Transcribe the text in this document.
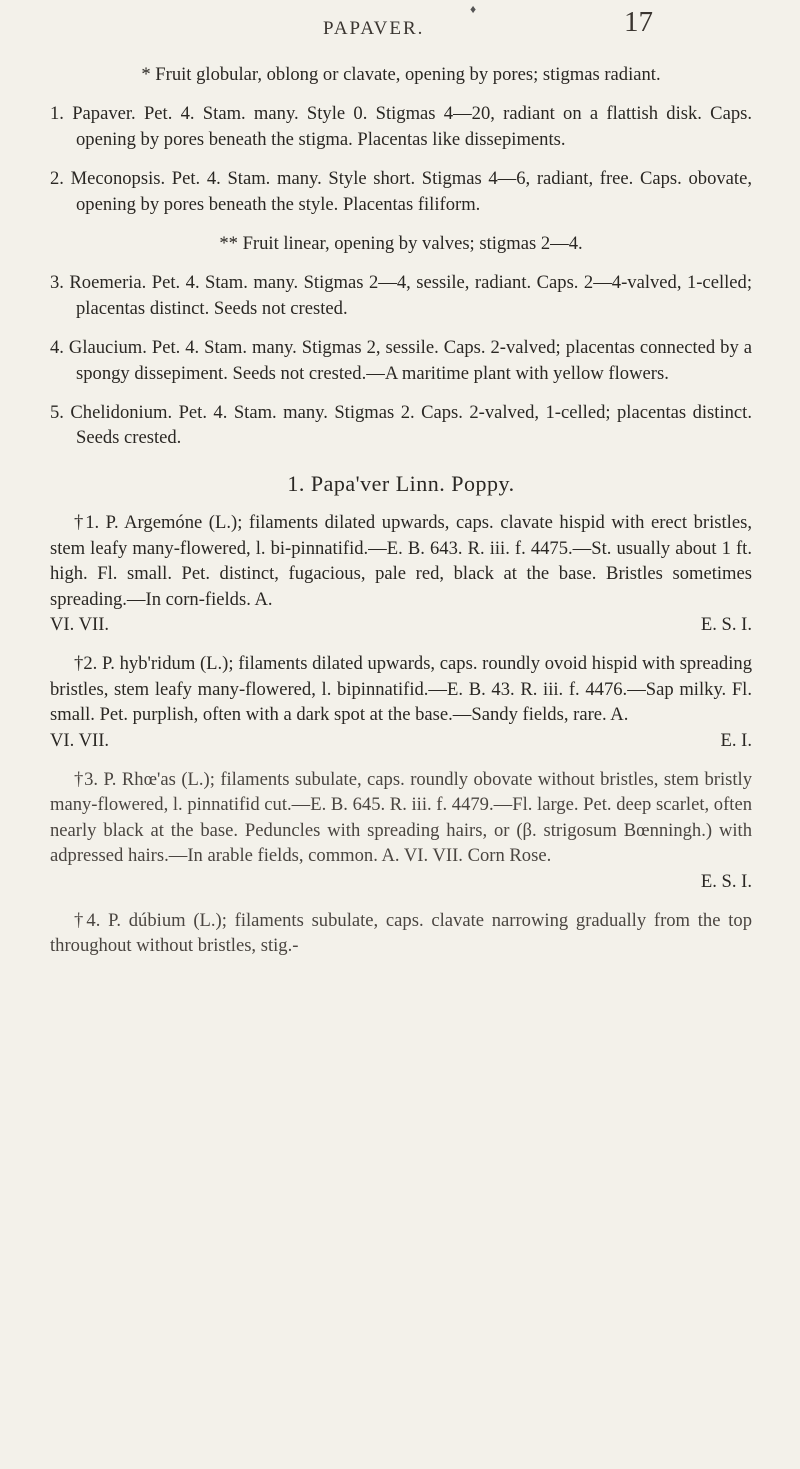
♦
PAPAVER.	17

* Fruit globular, oblong or clavate, opening by pores; stigmas radiant.

1. Papaver. Pet. 4. Stam. many. Style 0. Stigmas 4—20, radiant on a flattish disk. Caps. opening by pores beneath the stigma. Placentas like dissepiments.

2. Meconopsis. Pet. 4. Stam. many. Style short. Stigmas 4—6, radiant, free. Caps. obovate, opening by pores beneath the style. Placentas filiform.

** Fruit linear, opening by valves; stigmas 2—4.

3. Roemeria. Pet. 4. Stam. many. Stigmas 2—4, sessile, radiant. Caps. 2—4-valved, 1-celled; placentas distinct. Seeds not crested.

4. Glaucium. Pet. 4. Stam. many. Stigmas 2, sessile. Caps. 2-valved; placentas connected by a spongy dissepiment. Seeds not crested.—A maritime plant with yellow flowers.

5. Chelidonium. Pet. 4. Stam. many. Stigmas 2. Caps. 2-valved, 1-celled; placentas distinct. Seeds crested.

1. Papa'ver Linn. Poppy.

†1. P. Argemóne (L.); filaments dilated upwards, caps. clavate hispid with erect bristles, stem leafy many-flowered, l. bi-pinnatifid.—E. B. 643. R. iii. f. 4475.—St. usually about 1 ft. high. Fl. small. Pet. distinct, fugacious, pale red, black at the base. Bristles sometimes spreading.—In corn-fields. A.

VI. VII.	E. S. I.

†2. P. hyb'ridum (L.); filaments dilated upwards, caps. roundly ovoid hispid with spreading bristles, stem leafy many-flowered, l. bipinnatifid.—E. B. 43. R. iii. f. 4476.—Sap milky. Fl. small. Pet. purplish, often with a dark spot at the base.—Sandy fields, rare. A.

VI. VII.	E. I.

†3. P. Rhœ'as (L.); filaments subulate, caps. roundly obovate without bristles, stem bristly many-flowered, l. pinnatifid cut.—E. B. 645. R. iii. f. 4479.—Fl. large. Pet. deep scarlet, often nearly black at the base. Peduncles with spreading hairs, or (β. strigosum Bœnningh.) with adpressed hairs.—In arable fields, common. A. VI. VII. Corn Rose.

E. S. I.

†4. P. dúbium (L.); filaments subulate, caps. clavate narrowing gradually from the top throughout without bristles, stig.-
